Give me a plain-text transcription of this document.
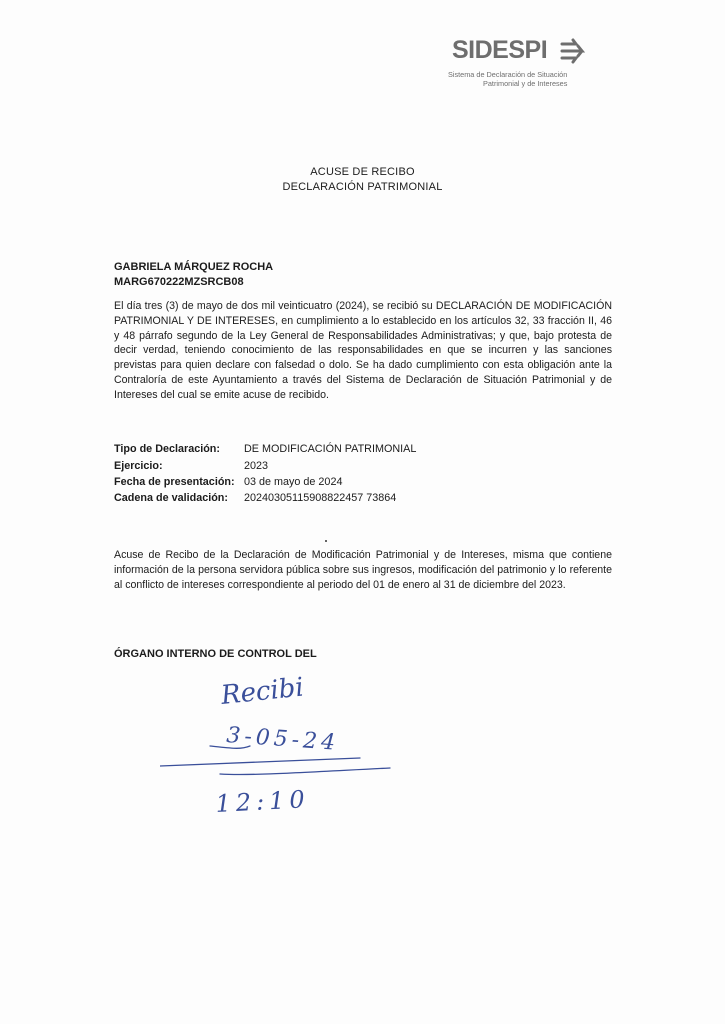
SIDESPI
Sistema de Declaración de Situación
Patrimonial y de Intereses
ACUSE DE RECIBO
DECLARACIÓN PATRIMONIAL
GABRIELA MÁRQUEZ ROCHA
MARG670222MZSRCB08
El día tres (3) de mayo de dos mil veinticuatro (2024), se recibió su DECLARACIÓN DE MODIFICACIÓN PATRIMONIAL Y DE INTERESES, en cumplimiento a lo establecido en los artículos 32, 33 fracción II, 46 y 48 párrafo segundo de la Ley General de Responsabilidades Administrativas; y que, bajo protesta de decir verdad, teniendo conocimiento de las responsabilidades en que se incurren y las sanciones previstas para quien declare con falsedad o dolo. Se ha dado cumplimiento con esta obligación ante la Contraloría de este Ayuntamiento a través del Sistema de Declaración de Situación Patrimonial y de Intereses del cual se emite acuse de recibido.
Tipo de Declaración: DE MODIFICACIÓN PATRIMONIAL
Ejercicio:	2023
Fecha de presentación: 03 de mayo de 2024
Cadena de validación: 20240305115908822457 73864
Acuse de Recibo de la Declaración de Modificación Patrimonial y de Intereses, misma que contiene información de la persona servidora pública sobre sus ingresos, modificación del patrimonio y lo referente al conflicto de intereses correspondiente al periodo del 01 de enero al 31 de diciembre del 2023.
ÓRGANO INTERNO DE CONTROL DEL
Recibi
3-05-24
12:10
